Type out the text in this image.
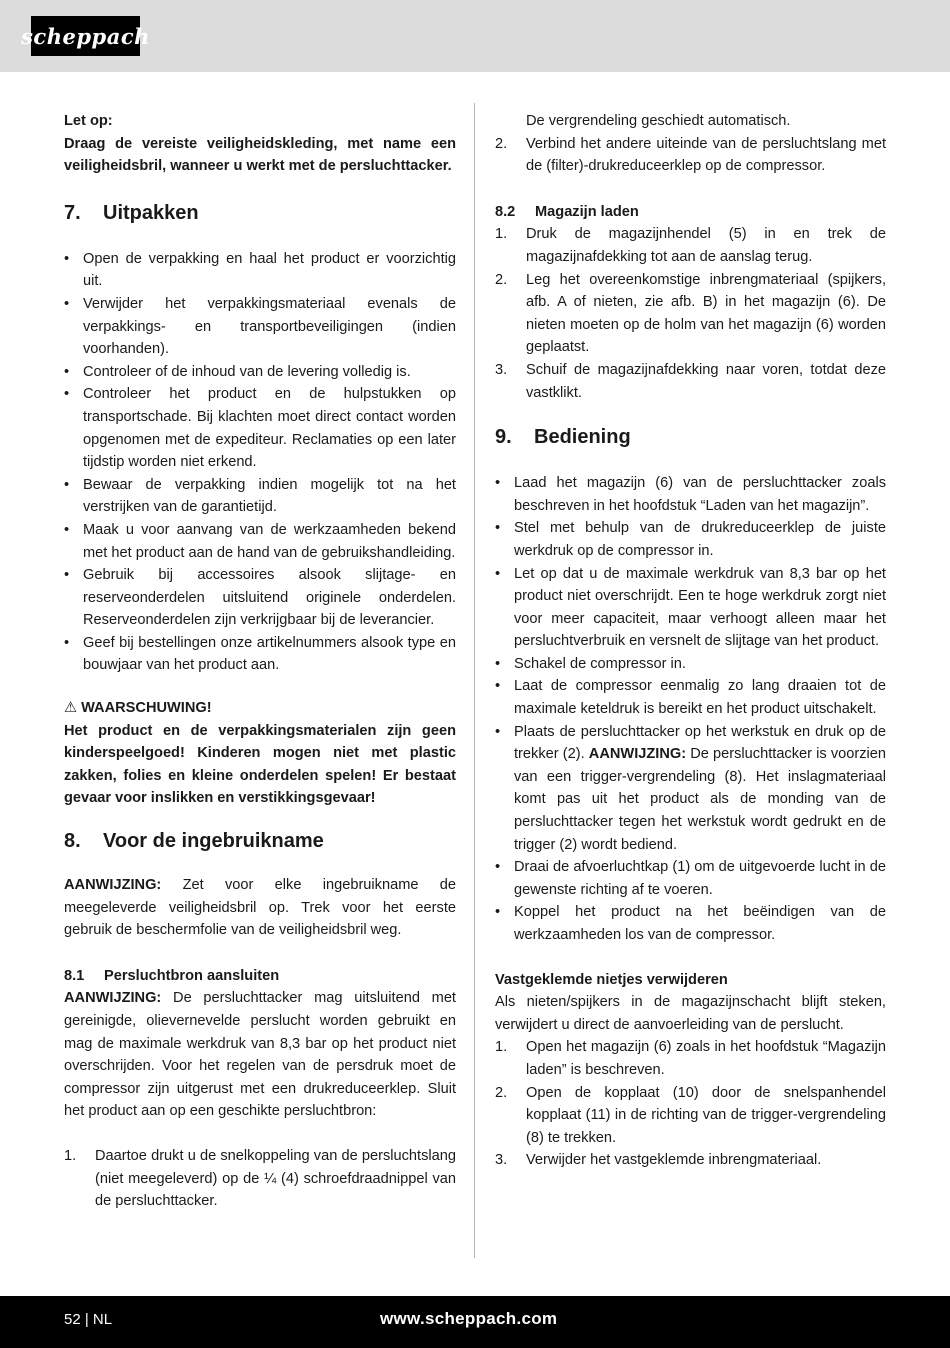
scheppach

Let op:

Draag de vereiste veiligheidskleding, met name een veiligheidsbril, wanneer u werkt met de persluchttacker.

7.	Uitpakken
• Open de verpakking en haal het product er voorzichtig uit.
• Verwijder het verpakkingsmateriaal evenals de verpakkings- en transportbeveiligingen (indien voorhanden).
• Controleer of de inhoud van de levering volledig is.
• Controleer het product en de hulpstukken op transportschade. Bij klachten moet direct contact worden opgenomen met de expediteur. Reclamaties op een later tijdstip worden niet erkend.
• Bewaar de verpakking indien mogelijk tot na het verstrijken van de garantietijd.
• Maak u voor aanvang van de werkzaamheden bekend met het product aan de hand van de gebruikshandleiding.
• Gebruik bij accessoires alsook slijtage- en reserveonderdelen uitsluitend originele onderdelen. Reserveonderdelen zijn verkrijgbaar bij de leverancier.
• Geef bij bestellingen onze artikelnummers alsook type en bouwjaar van het product aan.

⚠ WAARSCHUWING!

Het product en de verpakkingsmaterialen zijn geen kinderspeelgoed! Kinderen mogen niet met plastic zakken, folies en kleine onderdelen spelen! Er bestaat gevaar voor inslikken en verstikkingsgevaar!

8.	Voor de ingebruikname

AANWIJZING: Zet voor elke ingebruikname de meegeleverde veiligheidsbril op. Trek voor het eerste gebruik de beschermfolie van de veiligheidsbril weg.

8.1	Persluchtbron aansluiten

AANWIJZING: De persluchttacker mag uitsluitend met gereinigde, olievernevelde perslucht worden gebruikt en mag de maximale werkdruk van 8,3 bar op het product niet overschrijden. Voor het regelen van de persdruk moet de compressor zijn uitgerust met een drukreduceerklep. Sluit het product aan op een geschikte persluchtbron:

1. Daartoe drukt u de snelkoppeling van de persluchtslang (niet meegeleverd) op de ¼ (4) schroefdraadnippel van de persluchttacker.
De vergrendeling geschiedt automatisch.
2. Verbind het andere uiteinde van de persluchtslang met de (filter)-drukreduceerklep op de compressor.
8.2	Magazijn laden
1. Druk de magazijnhendel (5) in en trek de magazijnafdekking tot aan de aanslag terug.
2. Leg het overeenkomstige inbrengmateriaal (spijkers, afb. A of nieten, zie afb. B) in het magazijn (6). De nieten moeten op de holm van het magazijn (6) worden geplaatst.
3. Schuif de magazijnafdekking naar voren, totdat deze vastklikt.
9.	Bediening
• Laad het magazijn (6) van de persluchttacker zoals beschreven in het hoofdstuk “Laden van het magazijn”.
• Stel met behulp van de drukreduceerklep de juiste werkdruk op de compressor in.
• Let op dat u de maximale werkdruk van 8,3 bar op het product niet overschrijdt. Een te hoge werkdruk zorgt niet voor meer capaciteit, maar verhoogt alleen maar het persluchtverbruik en versnelt de slijtage van het product.
• Schakel de compressor in.
• Laat de compressor eenmalig zo lang draaien tot de maximale keteldruk is bereikt en het product uitschakelt.
• Plaats de persluchttacker op het werkstuk en druk op de trekker (2). AANWIJZING: De persluchttacker is voorzien van een trigger-vergrendeling (8). Het inslagmateriaal komt pas uit het product als de monding van de persluchttacker tegen het werkstuk wordt gedrukt en de trigger (2) wordt bediend.
• Draai de afvoerluchtkap (1) om de uitgevoerde lucht in de gewenste richting af te voeren.
• Koppel het product na het beëindigen van de werkzaamheden los van de compressor.

Vastgeklemde nietjes verwijderen

Als nieten/spijkers in de magazijnschacht blijft steken, verwijdert u direct de aanvoerleiding van de perslucht.

1. Open het magazijn (6) zoals in het hoofdstuk “Magazijn laden” is beschreven.
2. Open de kopplaat (10) door de snelspanhendel kopplaat (11) in de richting van de trigger-vergrendeling (8) te trekken.
3. Verwijder het vastgeklemde inbrengmateriaal.
52 | NL	www.scheppach.com
